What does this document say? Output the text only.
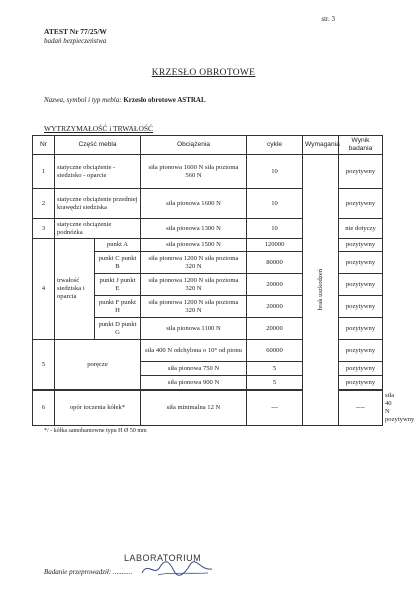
str. 3
ATEST Nr 77/25/W
badań bezpieczeństwa
KRZESŁO OBROTOWE
Nazwa, symbol i typ mebla: Krzesło obrotowe ASTRAL
WYTRZYMAŁOŚĆ i TRWAŁOŚĆ
Nr	Część mebla		Obciążenia	cykle	Wymagania	Wynik badania	
1	statyczne obciążenie - siedzisko - oparcie		siła pionowa 1600 N siła pozioma 560 N	10	brak uszkodzeń	pozytywny	
2	statyczne obciążenie przedniej krawędzi siedziska		siła pionowa 1600 N	10		pozytywny	
3	statyczne obciążenie podnóżka		siła pionowa 1300 N	10		nie dotyczy	
4	trwałość siedziska i oparcia	punkt A	siła pionowa 1500 N	120000		pozytywny	
		punkt C punkt B	siła pionowa 1200 N siła pozioma 320 N	80000		pozytywny	
		punkt J punkt E	siła pionowa 1200 N siła pozioma 320 N	20000		pozytywny	
		punkt F punkt H	siła pionowa 1200 N siła pozioma 320 N	20000		pozytywny	
		punkt D punkt G	siła pionowa 1100 N	20000		pozytywny	
5	poręcze		siła 400 N odchylona o 10° od pionu	60000		pozytywny	
			siła pionowa 750 N	5		pozytywny	
			siła pionowa 900 N	5		pozytywny	

6	opór toczenia kółek*		siła minimalna 12 N	---		----	siła 40 N pozytywny
*/ - kółka samohamowne typu H Ø 50 mm
LABORATORIUM
Badanie przeprowadził: ...........
